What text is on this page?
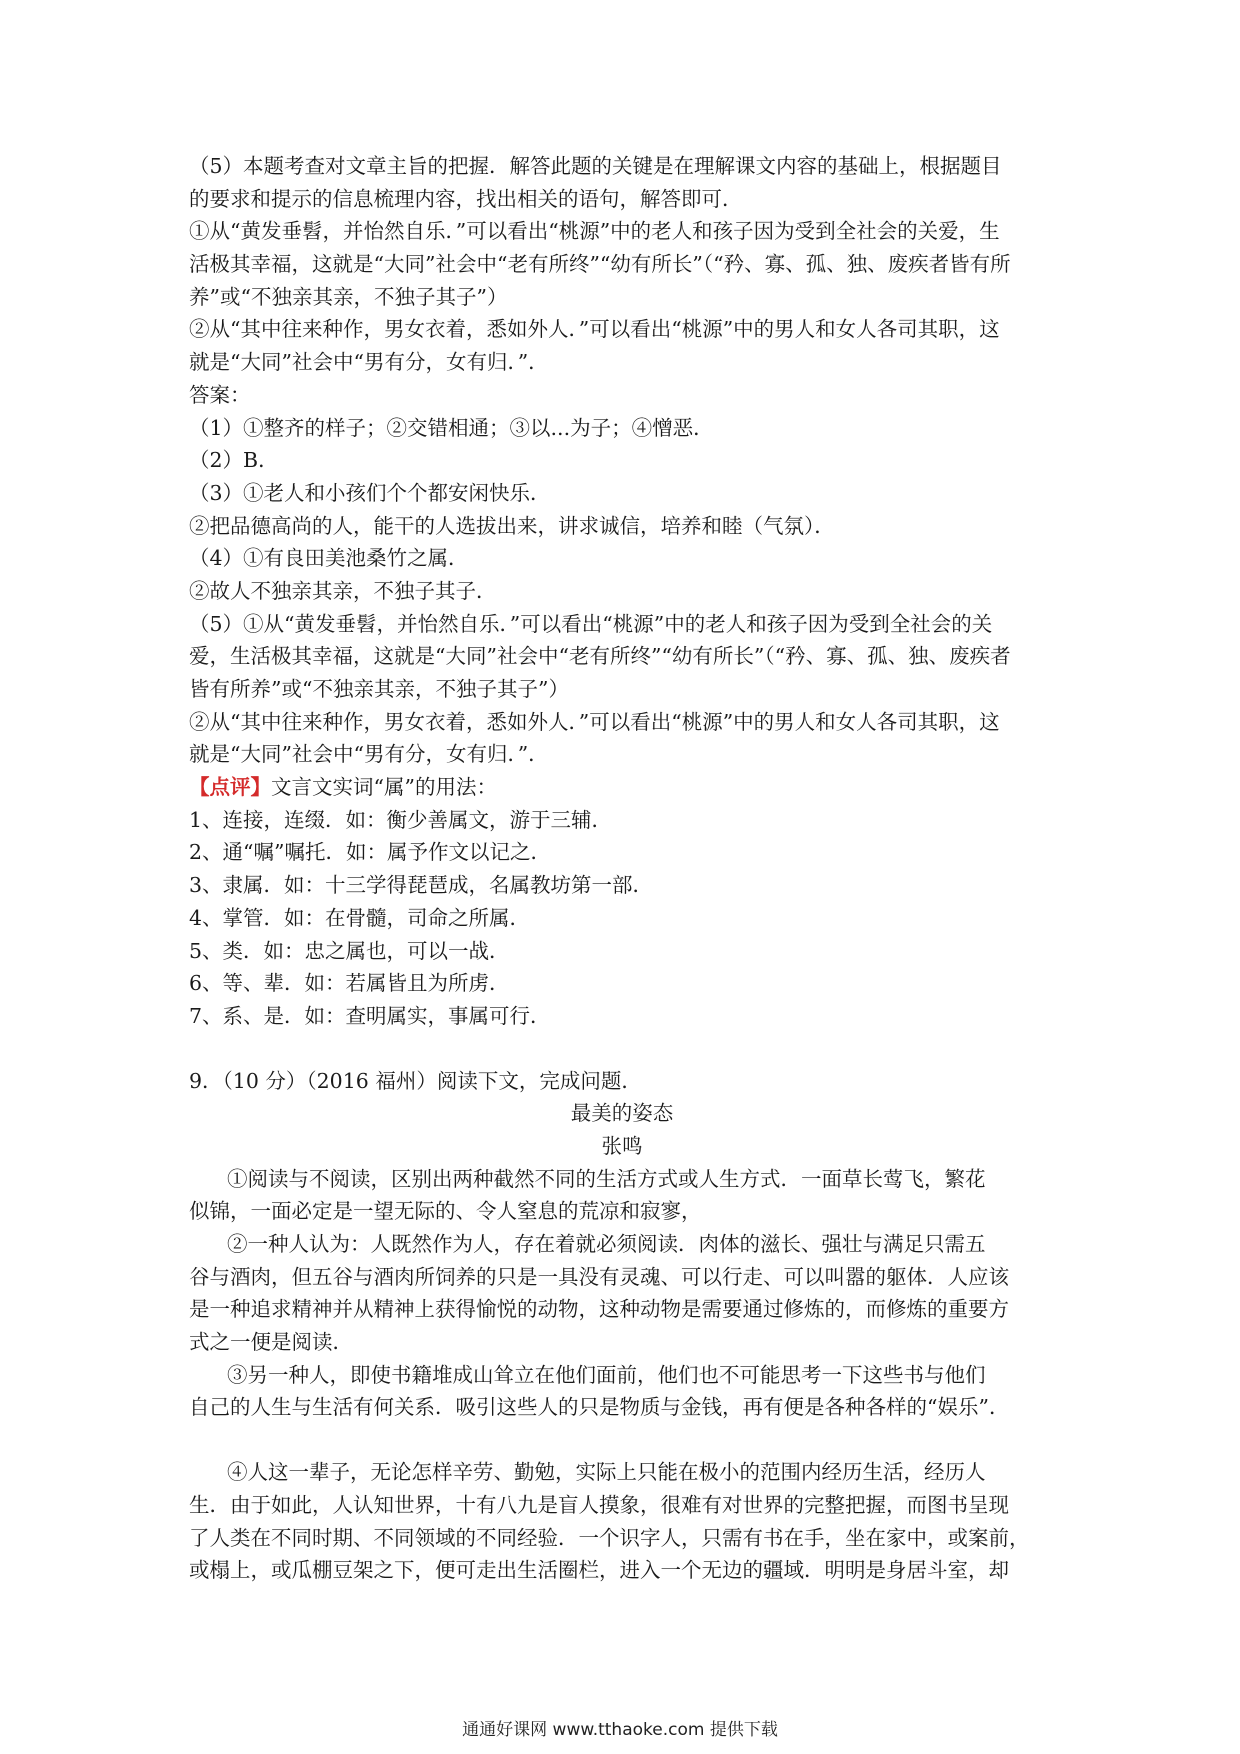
（5）本题考查对文章主旨的把握．解答此题的关键是在理解课文内容的基础上，根据题目
的要求和提示的信息梳理内容，找出相关的语句，解答即可．
①从“黄发垂髫，并怡然自乐．”可以看出“桃源”中的老人和孩子因为受到全社会的关爱，生
活极其幸福，这就是“大同”社会中“老有所终”“幼有所长”（“矜、寡、孤、独、废疾者皆有所
养”或“不独亲其亲，不独子其子”）
②从“其中往来种作，男女衣着，悉如外人．”可以看出“桃源”中的男人和女人各司其职，这
就是“大同”社会中“男有分，女有归．”．
答案：
（1）①整齐的样子；②交错相通；③以...为子；④憎恶．
（2）B．
（3）①老人和小孩们个个都安闲快乐．
②把品德高尚的人，能干的人选拔出来，讲求诚信，培养和睦（气氛）．
（4）①有良田美池桑竹之属．
②故人不独亲其亲，不独子其子．
（5）①从“黄发垂髫，并怡然自乐．”可以看出“桃源”中的老人和孩子因为受到全社会的关
爱，生活极其幸福，这就是“大同”社会中“老有所终”“幼有所长”（“矜、寡、孤、独、废疾者
皆有所养”或“不独亲其亲，不独子其子”）
②从“其中往来种作，男女衣着，悉如外人．”可以看出“桃源”中的男人和女人各司其职，这
就是“大同”社会中“男有分，女有归．”．
【点评】文言文实词“属”的用法：
1、连接，连缀．如：衡少善属文，游于三辅．
2、通“嘱”嘱托．如：属予作文以记之．
3、隶属．如：十三学得琵琶成，名属教坊第一部．
4、掌管．如：在骨髓，司命之所属．
5、类．如：忠之属也，可以一战．
6、等、辈．如：若属皆且为所虏．
7、系、是．如：查明属实，事属可行．
9．（10 分）（2016 福州）阅读下文，完成问题．
最美的姿态
张鸣
①阅读与不阅读，区别出两种截然不同的生活方式或人生方式．一面草长莺飞，繁花
似锦，一面必定是一望无际的、令人窒息的荒凉和寂寥，
②一种人认为：人既然作为人，存在着就必须阅读．肉体的滋长、强壮与满足只需五
谷与酒肉，但五谷与酒肉所饲养的只是一具没有灵魂、可以行走、可以叫嚣的躯体．人应该
是一种追求精神并从精神上获得愉悦的动物，这种动物是需要通过修炼的，而修炼的重要方
式之一便是阅读．
③另一种人，即使书籍堆成山耸立在他们面前，他们也不可能思考一下这些书与他们
自己的人生与生活有何关系．吸引这些人的只是物质与金钱，再有便是各种各样的“娱乐”．
④人这一辈子，无论怎样辛劳、勤勉，实际上只能在极小的范围内经历生活，经历人
生．由于如此，人认知世界，十有八九是盲人摸象，很难有对世界的完整把握，而图书呈现
了人类在不同时期、不同领域的不同经验．一个识字人，只需有书在手，坐在家中，或案前，
或榻上，或瓜棚豆架之下，便可走出生活圈栏，进入一个无边的疆域．明明是身居斗室，却
通通好课网 www.tthaoke.com 提供下载
